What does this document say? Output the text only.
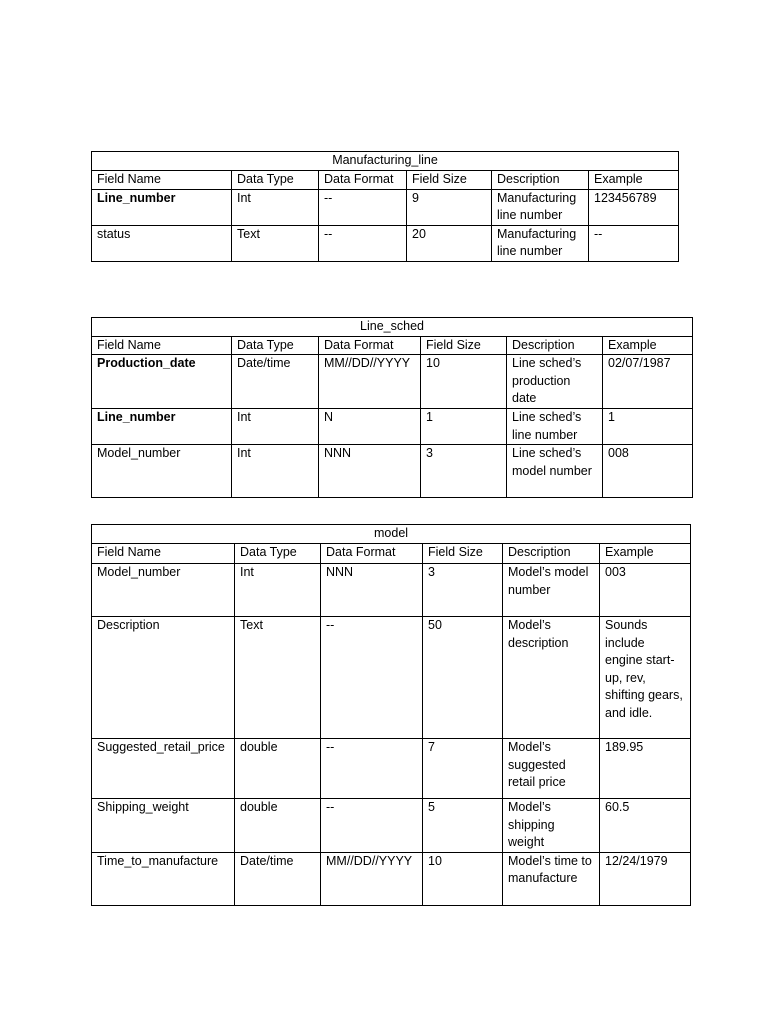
Manufacturing_line					
Field Name	Data Type	Data Format	Field Size	Description	Example
Line_number	Int	--	9	Manufacturing line number	123456789
status	Text	--	20	Manufacturing line number	--
Line_sched					
Field Name	Data Type	Data Format	Field Size	Description	Example
Production_date	Date/time	MM//DD//YYYY	10	Line sched’s production date	02/07/1987
Line_number	Int	N	1	Line sched’s line number	1
Model_number	Int	NNN	3	Line sched’s model number	008
model					
Field Name	Data Type	Data Format	Field Size	Description	Example
Model_number	Int	NNN	3	Model’s model number	003
Description	Text	--	50	Model’s description	Sounds include engine start-up, rev, shifting gears, and idle.
Suggested_retail_price	double	--	7	Model’s suggested retail price	189.95
Shipping_weight	double	--	5	Model’s shipping weight	60.5
Time_to_manufacture	Date/time	MM//DD//YYYY	10	Model’s time to manufacture	12/24/1979
